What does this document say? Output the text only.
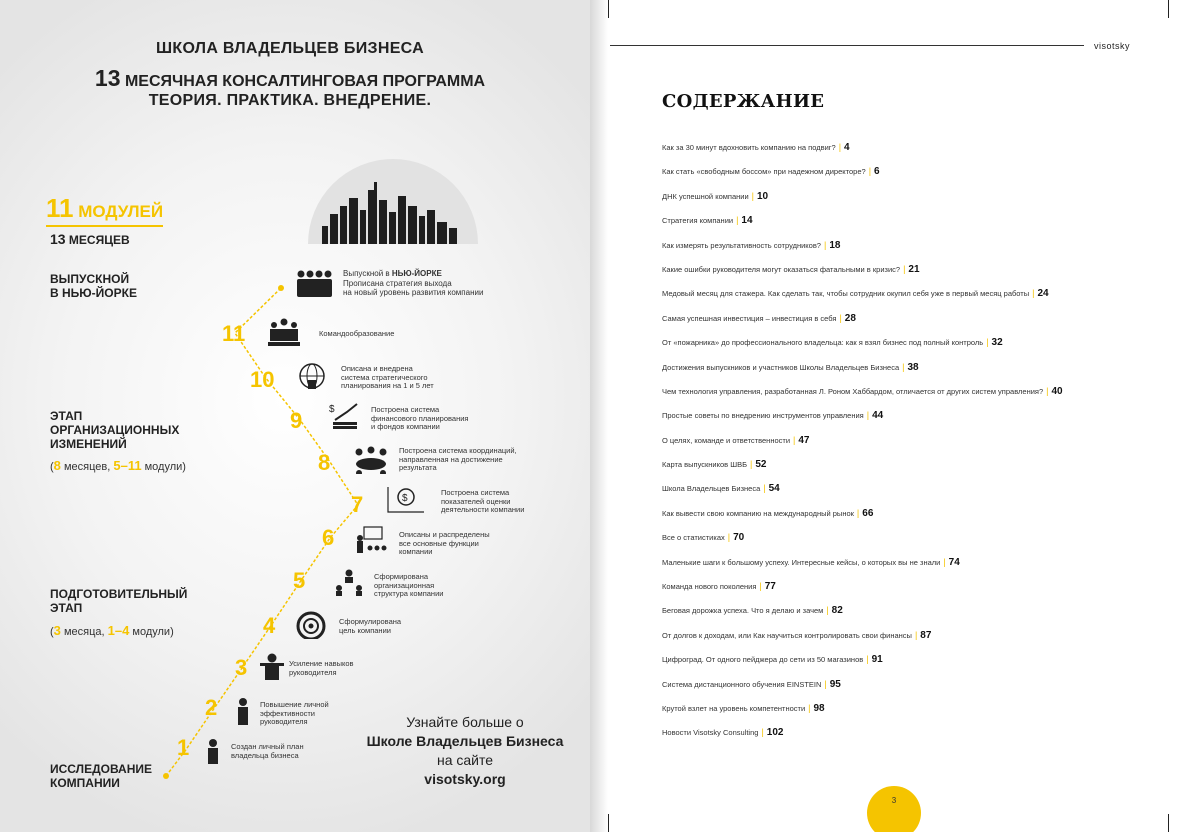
ШКОЛА ВЛАДЕЛЬЦЕВ БИЗНЕСА
13 МЕСЯЧНАЯ КОНСАЛТИНГОВАЯ ПРОГРАММА
ТЕОРИЯ. ПРАКТИКА. ВНЕДРЕНИЕ.
11 МОДУЛЕЙ
13 МЕСЯЦЕВ
ВЫПУСКНОЙ
В НЬЮ-ЙОРКЕ
ЭТАП
ОРГАНИЗАЦИОННЫХ
ИЗМЕНЕНИЙ
(8 месяцев, 5–11 модули)
ПОДГОТОВИТЕЛЬНЫЙ
ЭТАП
(3 месяца, 1–4 модули)
ИССЛЕДОВАНИЕ
КОМПАНИИ
1	Создан личный план
владельца бизнеса
2	Повышение личной
эффективности
руководителя
3	Усиление навыков
руководителя
4	Сформулирована
цель компании
5	Сформирована
организационная
структура компании
6	Описаны и распределены
все основные функции
компании
7	$
Построена система
показателей оценки
деятельности компании
8	Построена система координаций,
направленная на достижение
результата
9	$	Построена система
финансового планирования
и фондов компании
10	Описана и внедрена
система стратегического
планирования на 1 и 5 лет
11	Командообразование
Выпускной в НЬЮ-ЙОРКЕ
Прописана стратегия выхода
на новый уровень развития компании
Узнайте больше о
Школе Владельцев Бизнеса
на сайте
visotsky.org
visotsky
СОДЕРЖАНИЕ
Как за 30 минут вдохновить компанию на подвиг? | 4
Как стать «свободным боссом» при надежном директоре? | 6
ДНК успешной компании | 10
Стратегия компании | 14
Как измерять результативность сотрудников? | 18
Какие ошибки руководителя могут оказаться фатальными в кризис? | 21
Медовый месяц для стажера. Как сделать так, чтобы сотрудник окупил себя уже в первый месяц работы | 24
Самая успешная инвестиция – инвестиция в себя | 28
От «пожарника» до профессионального владельца: как я взял бизнес под полный контроль | 32
Достижения выпускников и участников Школы Владельцев Бизнеса | 38
Чем технология управления, разработанная Л. Роном Хаббардом, отличается от других систем управления? | 40
Простые советы по внедрению инструментов управления | 44
О целях, команде и ответственности | 47
Карта выпускников ШВБ | 52
Школа Владельцев Бизнеса | 54
Как вывести свою компанию на международный рынок | 66
Все о статистиках | 70
Маленькие шаги к большому успеху. Интересные кейсы, о которых вы не знали | 74
Команда нового поколения | 77
Беговая дорожка успеха. Что я делаю и зачем | 82
От долгов к доходам, или Как научиться контролировать свои финансы | 87
Цифроград. От одного пейджера до сети из 50 магазинов | 91
Система дистанционного обучения EINSTEIN | 95
Крутой взлет на уровень компетентности | 98
Новости Visotsky Consulting | 102
3
